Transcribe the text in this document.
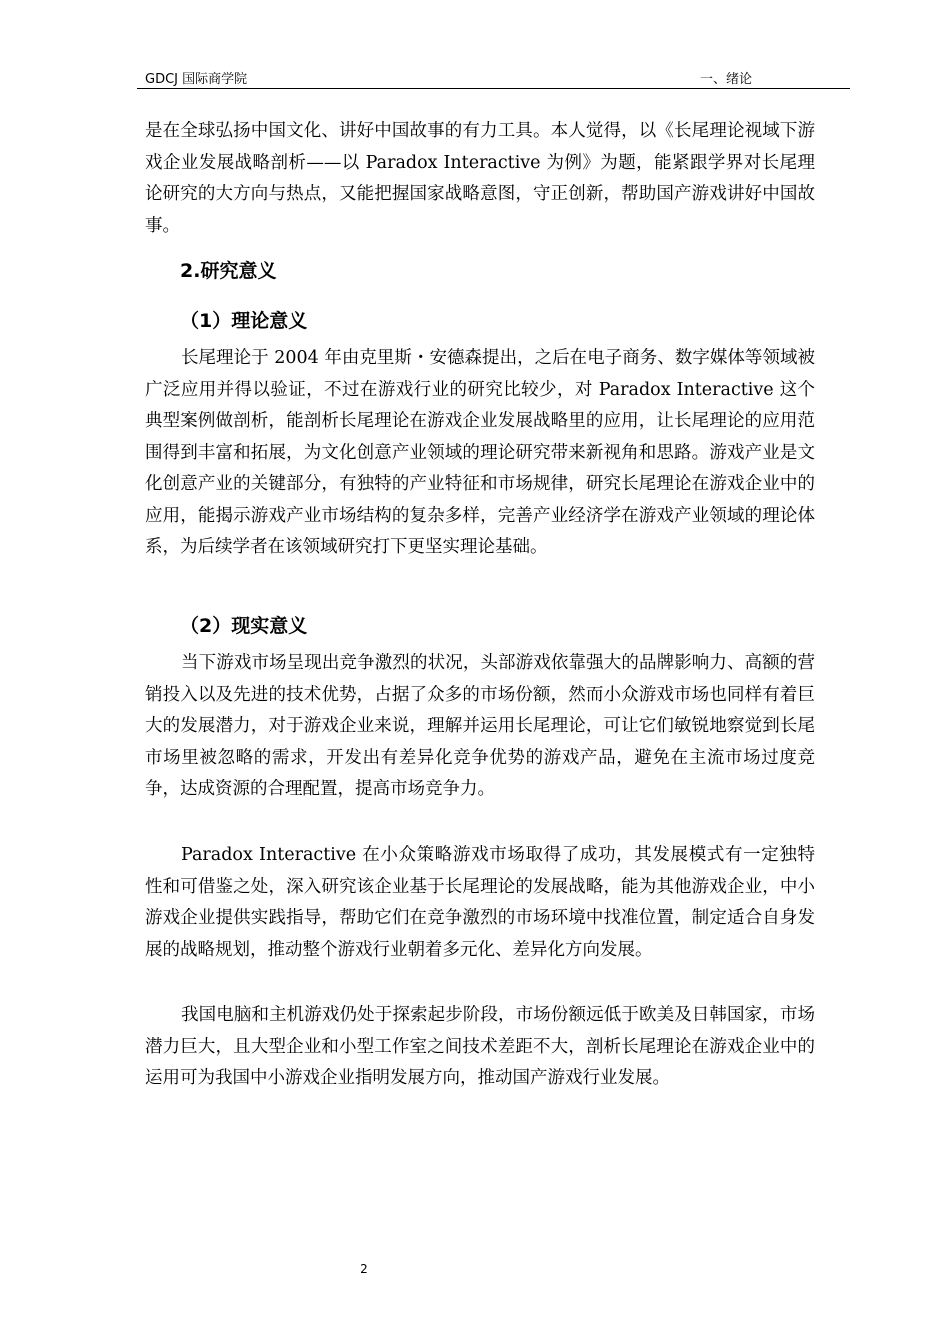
GDCJ 国际商学院	一、绪论

是在全球弘扬中国文化、讲好中国故事的有力工具。本人觉得，以《长尾理论视域下游戏企业发展战略剖析——以 Paradox Interactive 为例》为题，能紧跟学界对长尾理论研究的大方向与热点，又能把握国家战略意图，守正创新，帮助国产游戏讲好中国故事。

2.研究意义
（1）理论意义

长尾理论于 2004 年由克里斯・安德森提出，之后在电子商务、数字媒体等领域被广泛应用并得以验证，不过在游戏行业的研究比较少，对 Paradox Interactive 这个典型案例做剖析，能剖析长尾理论在游戏企业发展战略里的应用，让长尾理论的应用范围得到丰富和拓展，为文化创意产业领域的理论研究带来新视角和思路。游戏产业是文化创意产业的关键部分，有独特的产业特征和市场规律，研究长尾理论在游戏企业中的应用，能揭示游戏产业市场结构的复杂多样，完善产业经济学在游戏产业领域的理论体系，为后续学者在该领域研究打下更坚实理论基础。

（2）现实意义

当下游戏市场呈现出竞争激烈的状况，头部游戏依靠强大的品牌影响力、高额的营销投入以及先进的技术优势，占据了众多的市场份额，然而小众游戏市场也同样有着巨大的发展潜力，对于游戏企业来说，理解并运用长尾理论，可让它们敏锐地察觉到长尾市场里被忽略的需求，开发出有差异化竞争优势的游戏产品，避免在主流市场过度竞争，达成资源的合理配置，提高市场竞争力。

Paradox Interactive 在小众策略游戏市场取得了成功，其发展模式有一定独特性和可借鉴之处，深入研究该企业基于长尾理论的发展战略，能为其他游戏企业，中小游戏企业提供实践指导，帮助它们在竞争激烈的市场环境中找准位置，制定适合自身发展的战略规划，推动整个游戏行业朝着多元化、差异化方向发展。

我国电脑和主机游戏仍处于探索起步阶段，市场份额远低于欧美及日韩国家，市场潜力巨大，且大型企业和小型工作室之间技术差距不大，剖析长尾理论在游戏企业中的运用可为我国中小游戏企业指明发展方向，推动国产游戏行业发展。

2
